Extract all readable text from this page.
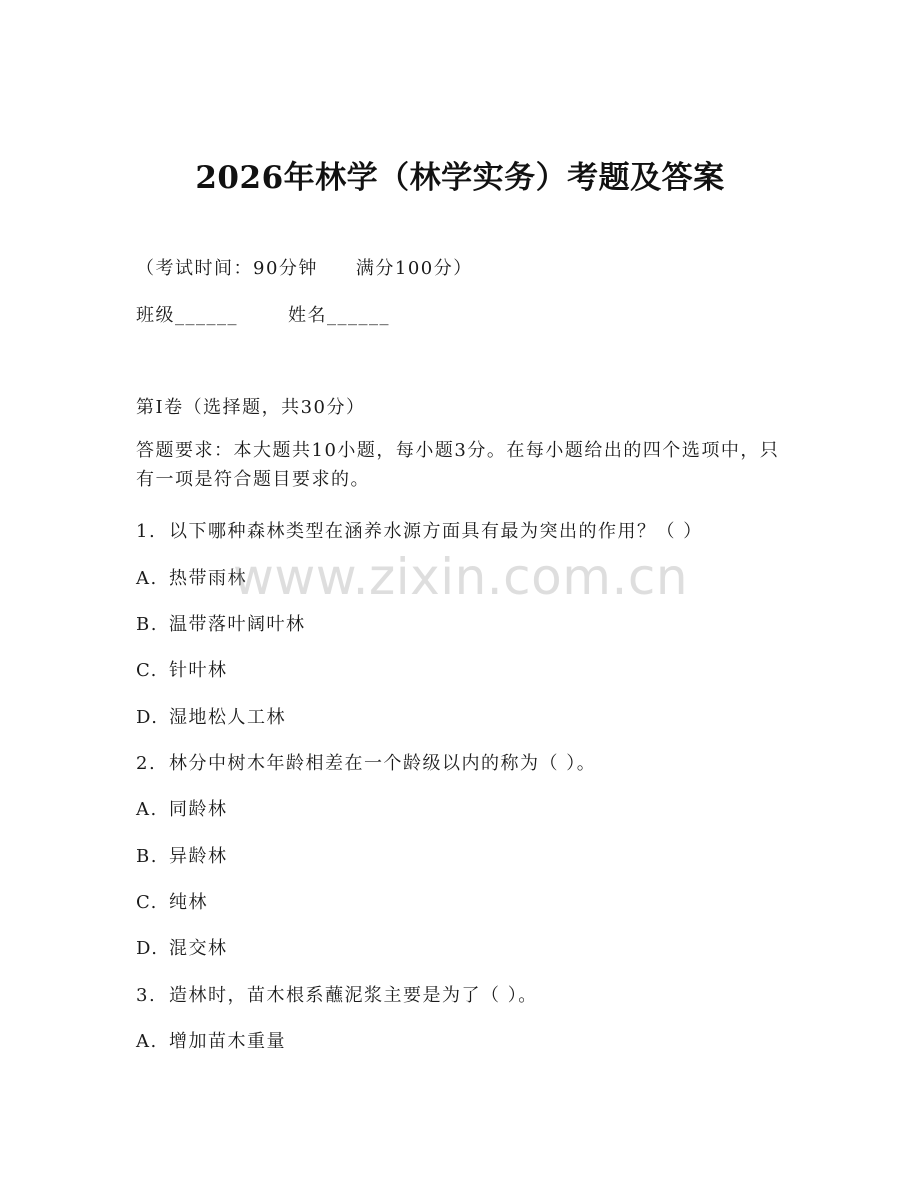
2026年林学（林学实务）考题及答案
（考试时间：90分钟 满分100分）
班级______	姓名______
第I卷（选择题，共30分）
答题要求：本大题共10小题，每小题3分。在每小题给出的四个选项中，只有一项是符合题目要求的。
1. 以下哪种森林类型在涵养水源方面具有最为突出的作用？（ ）
A. 热带雨林
B. 温带落叶阔叶林
C. 针叶林
D. 湿地松人工林
2. 林分中树木年龄相差在一个龄级以内的称为（ ）。
A. 同龄林
B. 异龄林
C. 纯林
D. 混交林
3. 造林时，苗木根系蘸泥浆主要是为了（ ）。
A. 增加苗木重量
www.zixin.com.cn
